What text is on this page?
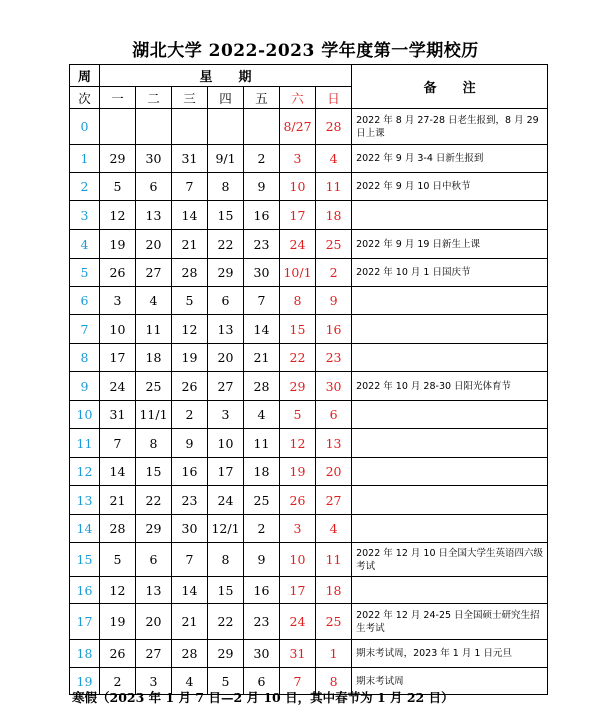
湖北大学 2022-2023 学年度第一学期校历
周	星　　期							备　　注
次	一	二	三	四	五	六	日	
0						8/27	28	2022 年 8 月 27-28 日老生报到，8 月 29 日上课
1	29	30	31	9/1	2	3	4	2022 年 9 月 3-4 日新生报到
2	5	6	7	8	9	10	11	2022 年 9 月 10 日中秋节
3	12	13	14	15	16	17	18	
4	19	20	21	22	23	24	25	2022 年 9 月 19 日新生上课
5	26	27	28	29	30	10/1	2	2022 年 10 月 1 日国庆节
6	3	4	5	6	7	8	9	
7	10	11	12	13	14	15	16	
8	17	18	19	20	21	22	23	
9	24	25	26	27	28	29	30	2022 年 10 月 28-30 日阳光体育节
10	31	11/1	2	3	4	5	6	
11	7	8	9	10	11	12	13	
12	14	15	16	17	18	19	20	
13	21	22	23	24	25	26	27	
14	28	29	30	12/1	2	3	4	
15	5	6	7	8	9	10	11	2022 年 12 月 10 日全国大学生英语四六级考试
16	12	13	14	15	16	17	18	
17	19	20	21	22	23	24	25	2022 年 12 月 24-25 日全国硕士研究生招生考试
18	26	27	28	29	30	31	1	期末考试周，2023 年 1 月 1 日元旦
19	2	3	4	5	6	7	8	期末考试周
寒假（2023 年 1 月 7 日—2 月 10 日，其中春节为 1 月 22 日）
